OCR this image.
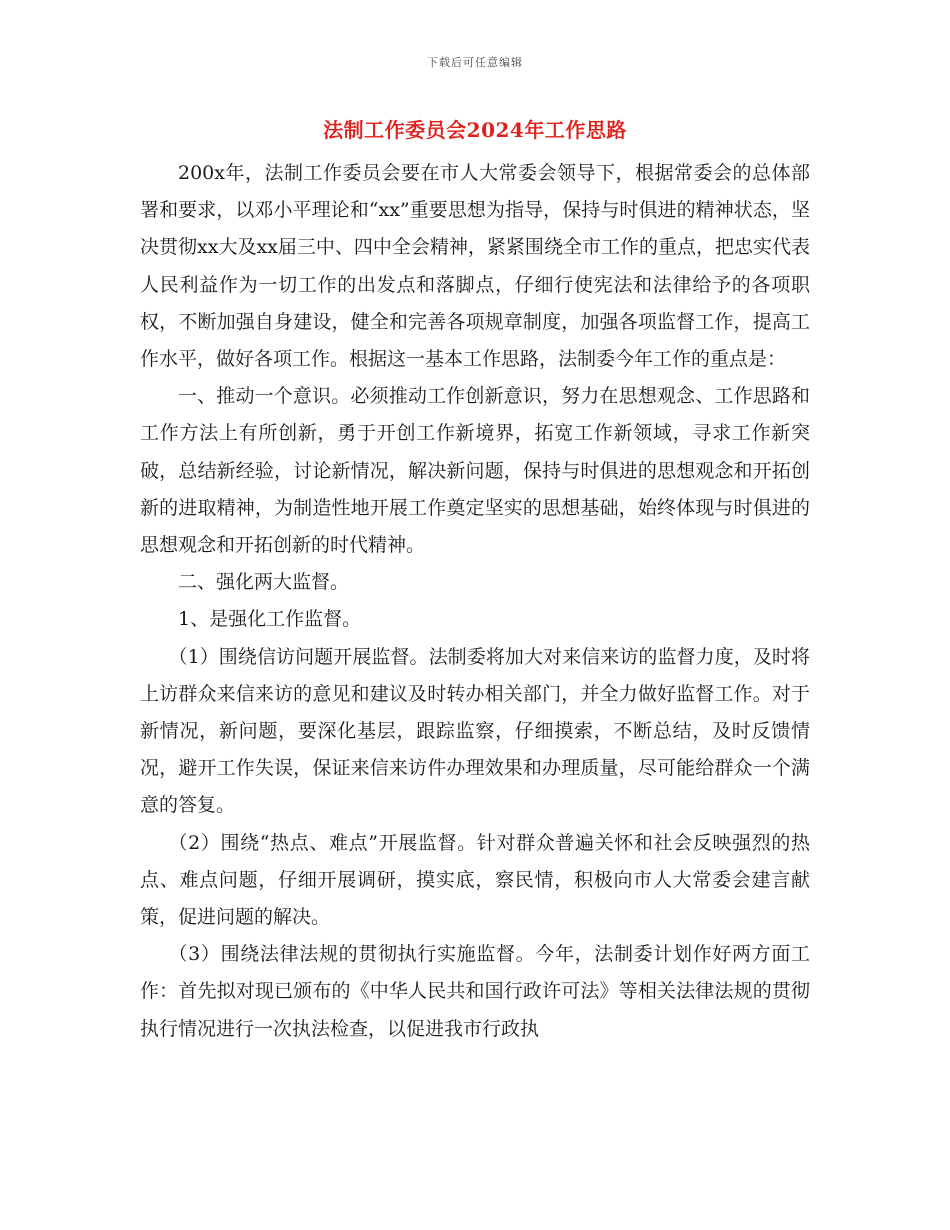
下载后可任意编辑
法制工作委员会2024年工作思路

200x年，法制工作委员会要在市人大常委会领导下，根据常委会的总体部署和要求，以邓小平理论和“xx”重要思想为指导，保持与时俱进的精神状态，坚决贯彻xx大及xx届三中、四中全会精神，紧紧围绕全市工作的重点，把忠实代表人民利益作为一切工作的出发点和落脚点，仔细行使宪法和法律给予的各项职权，不断加强自身建设，健全和完善各项规章制度，加强各项监督工作，提高工作水平，做好各项工作。根据这一基本工作思路，法制委今年工作的重点是：

一、推动一个意识。必须推动工作创新意识，努力在思想观念、工作思路和工作方法上有所创新，勇于开创工作新境界，拓宽工作新领域，寻求工作新突破，总结新经验，讨论新情况，解决新问题，保持与时俱进的思想观念和开拓创新的进取精神，为制造性地开展工作奠定坚实的思想基础，始终体现与时俱进的思想观念和开拓创新的时代精神。

二、强化两大监督。

1、是强化工作监督。

（1）围绕信访问题开展监督。法制委将加大对来信来访的监督力度，及时将上访群众来信来访的意见和建议及时转办相关部门，并全力做好监督工作。对于新情况，新问题，要深化基层，跟踪监察，仔细摸索，不断总结，及时反馈情况，避开工作失误，保证来信来访件办理效果和办理质量，尽可能给群众一个满意的答复。

（2）围绕“热点、难点”开展监督。针对群众普遍关怀和社会反映强烈的热点、难点问题，仔细开展调研，摸实底，察民情，积极向市人大常委会建言献策，促进问题的解决。

（3）围绕法律法规的贯彻执行实施监督。今年，法制委计划作好两方面工作：首先拟对现已颁布的《中华人民共和国行政许可法》等相关法律法规的贯彻执行情况进行一次执法检查，以促进我市行政执
